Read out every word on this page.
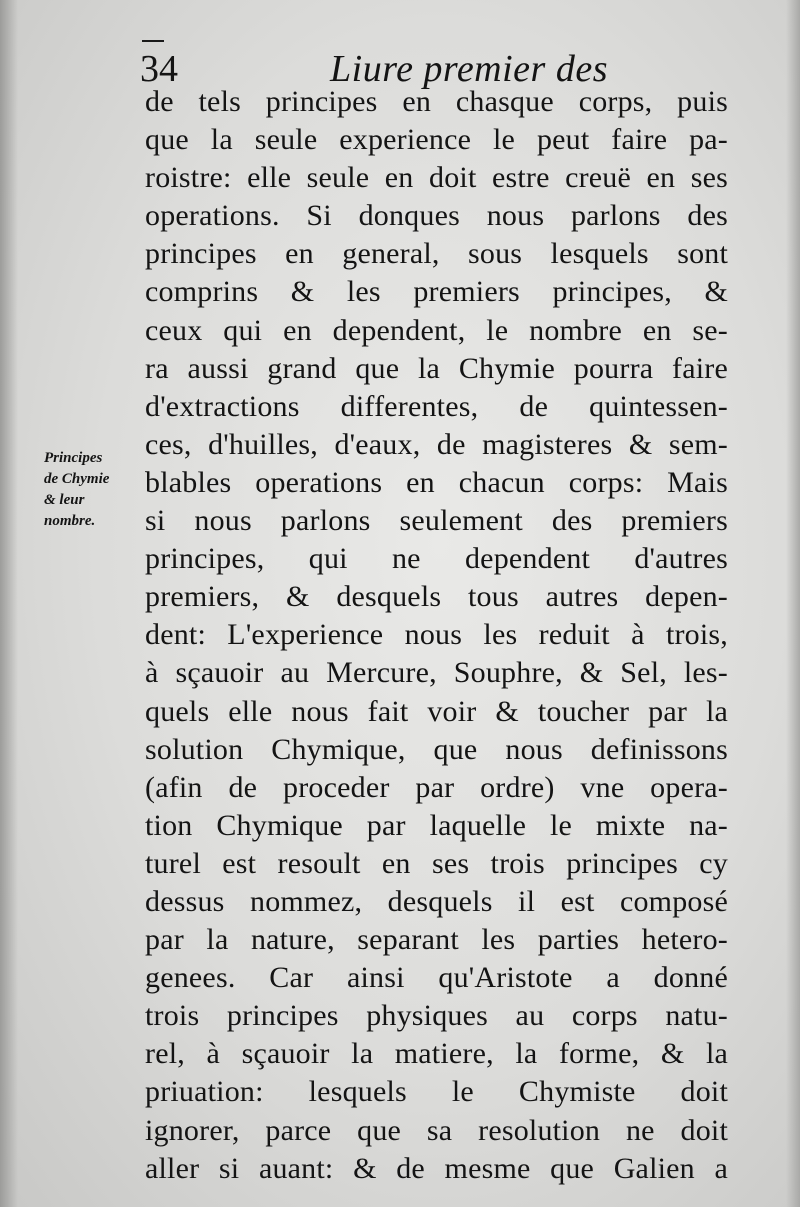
34	Liure premier des
Principes
de Chymie
& leur
nombre.
de tels principes en chasque corps, puis
que la seule experience le peut faire pa-
roistre: elle seule en doit estre creuë en ses
operations. Si donques nous parlons des
principes en general, sous lesquels sont
comprins & les premiers principes, &
ceux qui en dependent, le nombre en se-
ra aussi grand que la Chymie pourra faire
d'extractions differentes, de quintessen-
ces, d'huilles, d'eaux, de magisteres & sem-
blables operations en chacun corps: Mais
si nous parlons seulement des premiers
principes, qui ne dependent d'autres
premiers, & desquels tous autres depen-
dent: L'experience nous les reduit à trois,
à sçauoir au Mercure, Souphre, & Sel, les-
quels elle nous fait voir & toucher par la
solution Chymique, que nous definissons
(afin de proceder par ordre) vne opera-
tion Chymique par laquelle le mixte na-
turel est resoult en ses trois principes cy
dessus nommez, desquels il est composé
par la nature, separant les parties hetero-
genees. Car ainsi qu'Aristote a donné
trois principes physiques au corps natu-
rel, à sçauoir la matiere, la forme, & la
priuation: lesquels le Chymiste doit
ignorer, parce que sa resolution ne doit
aller si auant: & de mesme que Galien a
